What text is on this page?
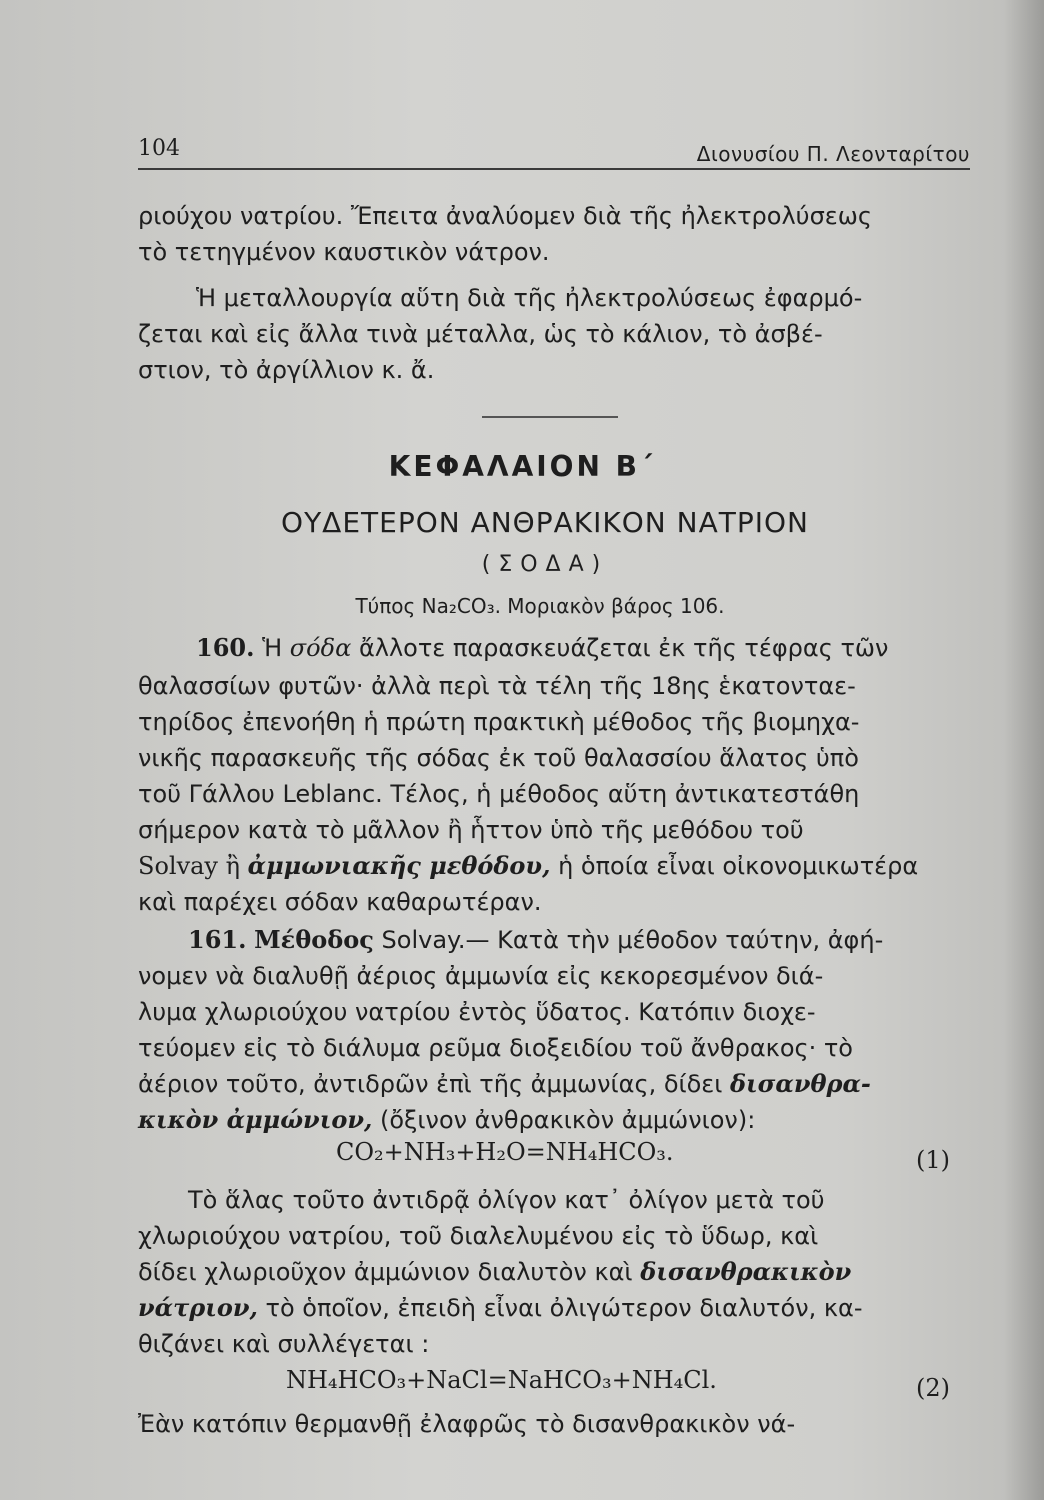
104	Διονυσίου Π. Λεονταρίτου
ριούχου νατρίου. Ἔπειτα ἀναλύομεν διὰ τῆς ἠλεκτρολύσεως
τὸ τετηγμένον καυστικὸν νάτρον.
Ἡ μεταλλουργία αὕτη διὰ τῆς ἠλεκτρολύσεως ἐφαρμό-
ζεται καὶ εἰς ἄλλα τινὰ μέταλλα, ὡς τὸ κάλιον, τὸ ἀσβέ-
στιον, τὸ ἀργίλλιον κ. ἄ.
ΚΕΦΑΛΑΙΟΝ Β΄
ΟΥΔΕΤΕΡΟΝ ΑΝΘΡΑΚΙΚΟΝ ΝΑΤΡΙΟΝ
(ΣΟΔΑ)
Τύπος Na₂CO₃. Μοριακὸν βάρος 106.
160. Ἡ σόδα ἄλλοτε παρασκευάζεται ἐκ τῆς τέφρας τῶν
θαλασσίων φυτῶν· ἀλλὰ περὶ τὰ τέλη τῆς 18ης ἑκατονταε-
τηρίδος ἐπενοήθη ἡ πρώτη πρακτικὴ μέθοδος τῆς βιομηχα-
νικῆς παρασκευῆς τῆς σόδας ἐκ τοῦ θαλασσίου ἅλατος ὑπὸ
τοῦ Γάλλου Leblanc. Τέλος, ἡ μέθοδος αὕτη ἀντικατεστάθη
σήμερον κατὰ τὸ μᾶλλον ἢ ἧττον ὑπὸ τῆς μεθόδου τοῦ
Solvay ἢ ἀμμωνιακῆς μεθόδου, ἡ ὁποία εἶναι οἰκονομικωτέρα
καὶ παρέχει σόδαν καθαρωτέραν.
161. Μέθοδος Solvay.— Κατὰ τὴν μέθοδον ταύτην, ἀφή-
νομεν νὰ διαλυθῇ ἀέριος ἀμμωνία εἰς κεκορεσμένον διά-
λυμα χλωριούχου νατρίου ἐντὸς ὕδατος. Κατόπιν διοχε-
τεύομεν εἰς τὸ διάλυμα ρεῦμα διοξειδίου τοῦ ἄνθρακος· τὸ
ἀέριον τοῦτο, ἀντιδρῶν ἐπὶ τῆς ἀμμωνίας, δίδει δισανθρα-
κικὸν ἀμμώνιον, (ὄξινον ἀνθρακικὸν ἀμμώνιον):
CO₂+NH₃+H₂O=NH₄HCO₃.	(1)
Τὸ ἅλας τοῦτο ἀντιδρᾷ ὀλίγον κατ᾿ ὀλίγον μετὰ τοῦ
χλωριούχου νατρίου, τοῦ διαλελυμένου εἰς τὸ ὕδωρ, καὶ
δίδει χλωριοῦχον ἀμμώνιον διαλυτὸν καὶ δισανθρακικὸν
νάτριον, τὸ ὁποῖον, ἐπειδὴ εἶναι ὀλιγώτερον διαλυτόν, κα-
θιζάνει καὶ συλλέγεται :
NH₄HCO₃+NaCl=NaHCO₃+NH₄Cl.	(2)
Ἐὰν κατόπιν θερμανθῇ ἐλαφρῶς τὸ δισανθρακικὸν νά-
